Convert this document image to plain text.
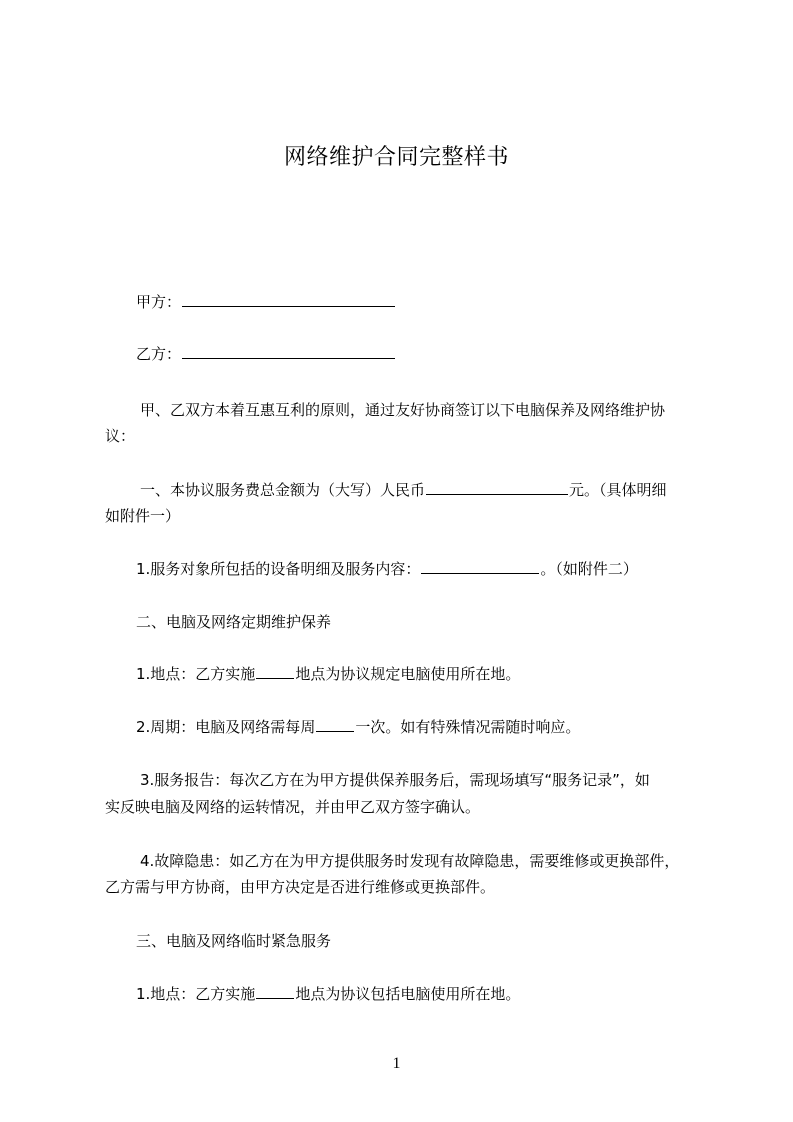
网络维护合同完整样书
甲方：
乙方：
甲、乙双方本着互惠互利的原则，通过友好协商签订以下电脑保养及网络维护协
议：
一、本协议服务费总金额为（大写）人民币	元。（具体明细
如附件一）
1.服务对象所包括的设备明细及服务内容：	。（如附件二）
二、电脑及网络定期维护保养
1.地点：乙方实施	地点为协议规定电脑使用所在地。
2.周期：电脑及网络需每周	一次。如有特殊情况需随时响应。
3.服务报告：每次乙方在为甲方提供保养服务后，需现场填写“服务记录”，如
实反映电脑及网络的运转情况，并由甲乙双方签字确认。
4.故障隐患：如乙方在为甲方提供服务时发现有故障隐患，需要维修或更换部件，
乙方需与甲方协商，由甲方决定是否进行维修或更换部件。
三、电脑及网络临时紧急服务
1.地点：乙方实施	地点为协议包括电脑使用所在地。
1
